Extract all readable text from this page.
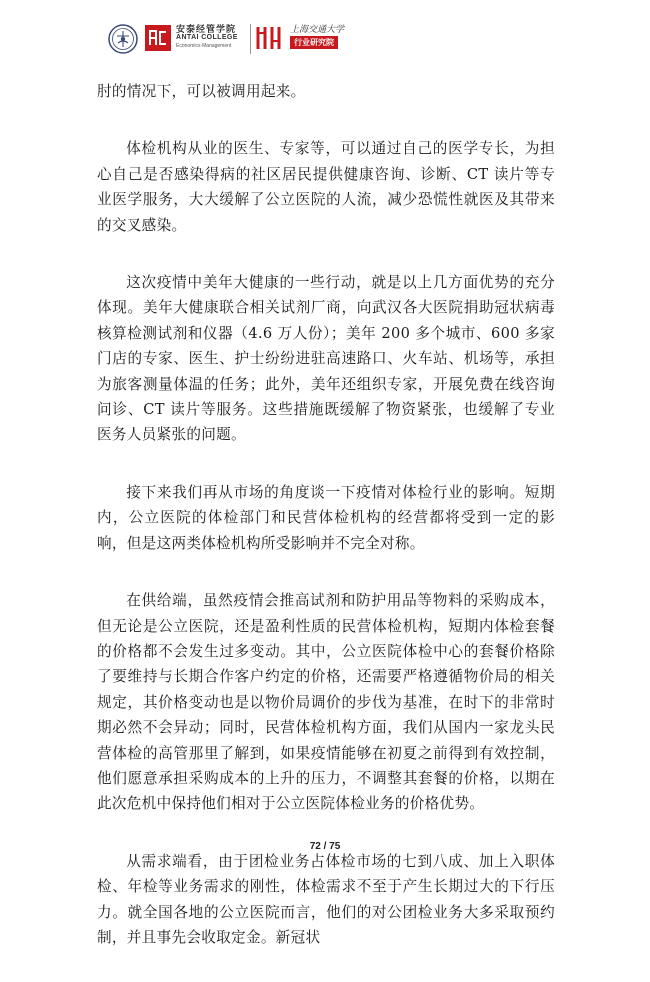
安泰经管学院
ANTAI COLLEGE
Economics·Management
上海交通大学
行业研究院

肘的情况下，可以被调用起来。

体检机构从业的医生、专家等，可以通过自己的医学专长，为担心自己是否感染得病的社区居民提供健康咨询、诊断、CT 读片等专业医学服务，大大缓解了公立医院的人流，减少恐慌性就医及其带来的交叉感染。

这次疫情中美年大健康的一些行动，就是以上几方面优势的充分体现。美年大健康联合相关试剂厂商，向武汉各大医院捐助冠状病毒核算检测试剂和仪器（4.6 万人份）；美年 200 多个城市、600 多家门店的专家、医生、护士纷纷进驻高速路口、火车站、机场等，承担为旅客测量体温的任务；此外，美年还组织专家，开展免费在线咨询问诊、CT 读片等服务。这些措施既缓解了物资紧张，也缓解了专业医务人员紧张的问题。

接下来我们再从市场的角度谈一下疫情对体检行业的影响。短期内，公立医院的体检部门和民营体检机构的经营都将受到一定的影响，但是这两类体检机构所受影响并不完全对称。

在供给端，虽然疫情会推高试剂和防护用品等物料的采购成本，但无论是公立医院，还是盈利性质的民营体检机构，短期内体检套餐的价格都不会发生过多变动。其中，公立医院体检中心的套餐价格除了要维持与长期合作客户约定的价格，还需要严格遵循物价局的相关规定，其价格变动也是以物价局调价的步伐为基准，在时下的非常时期必然不会异动；同时，民营体检机构方面，我们从国内一家龙头民营体检的高管那里了解到，如果疫情能够在初夏之前得到有效控制，他们愿意承担采购成本的上升的压力，不调整其套餐的价格，以期在此次危机中保持他们相对于公立医院体检业务的价格优势。

从需求端看，由于团检业务占体检市场的七到八成、加上入职体检、年检等业务需求的刚性，体检需求不至于产生长期过大的下行压力。就全国各地的公立医院而言，他们的对公团检业务大多采取预约制，并且事先会收取定金。新冠状

72 / 75
